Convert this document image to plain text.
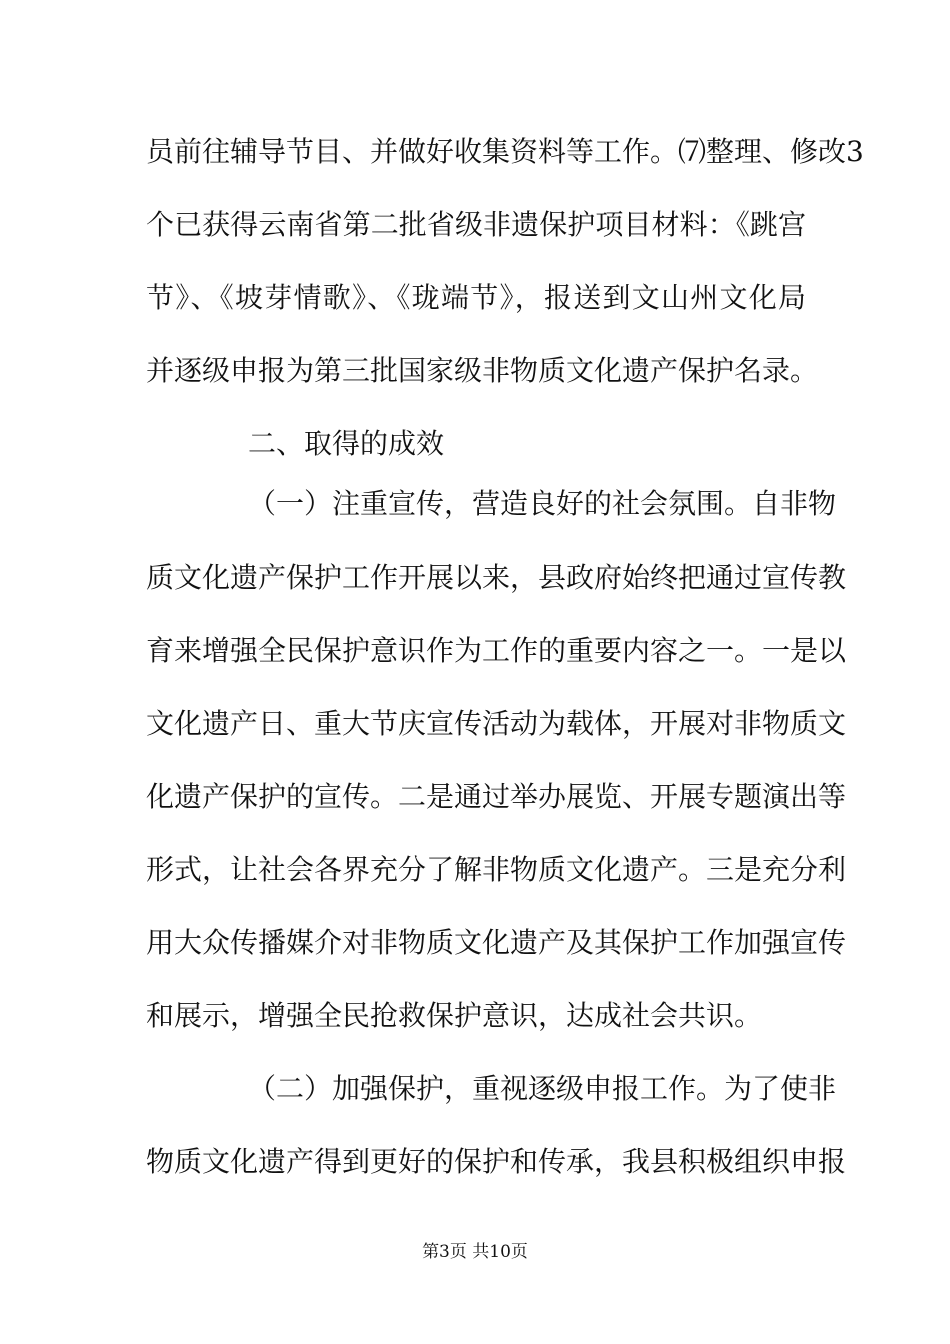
员前往辅导节目、并做好收集资料等工作。⑺整理、修改3
个已获得云南省第二批省级非遗保护项目材料：《跳宫
节》、《坡芽情歌》、《珑端节》，报送到文山州文化局
并逐级申报为第三批国家级非物质文化遗产保护名录。
二、取得的成效
（一）注重宣传，营造良好的社会氛围。自非物
质文化遗产保护工作开展以来，县政府始终把通过宣传教
育来增强全民保护意识作为工作的重要内容之一。一是以
文化遗产日、重大节庆宣传活动为载体，开展对非物质文
化遗产保护的宣传。二是通过举办展览、开展专题演出等
形式，让社会各界充分了解非物质文化遗产。三是充分利
用大众传播媒介对非物质文化遗产及其保护工作加强宣传
和展示，增强全民抢救保护意识，达成社会共识。
（二）加强保护，重视逐级申报工作。为了使非
物质文化遗产得到更好的保护和传承，我县积极组织申报
第3页 共10页
